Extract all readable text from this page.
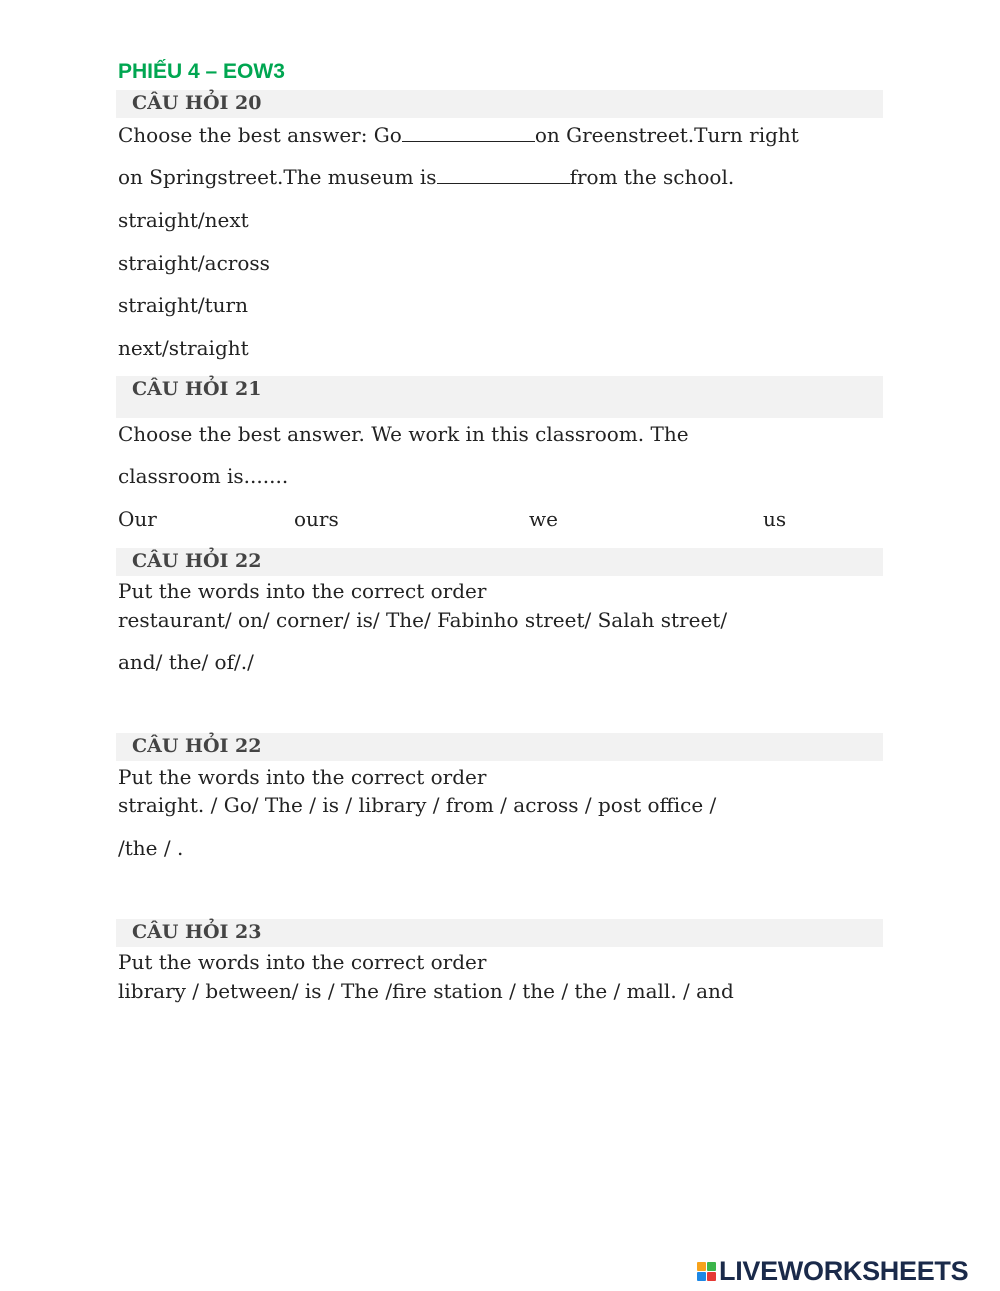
PHIẾU 4 – EOW3
CÂU HỎI 20
Choose the best answer: Go	on Greenstreet.Turn right
on Springstreet.The museum is	from the school.
straight/next
straight/across
straight/turn
next/straight
CÂU HỎI 21
Choose the best answer. We work in this classroom. The
classroom is.......
Our	ours	we	us
CÂU HỎI 22
Put the words into the correct order
restaurant/ on/ corner/ is/ The/ Fabinho street/ Salah street/
and/ the/ of/./
CÂU HỎI 22
Put the words into the correct order
straight. / Go/ The / is / library / from / across / post office /
/the / .
CÂU HỎI 23
Put the words into the correct order
library / between/ is / The /fire station / the / the / mall. / and
LIVEWORKSHEETS
